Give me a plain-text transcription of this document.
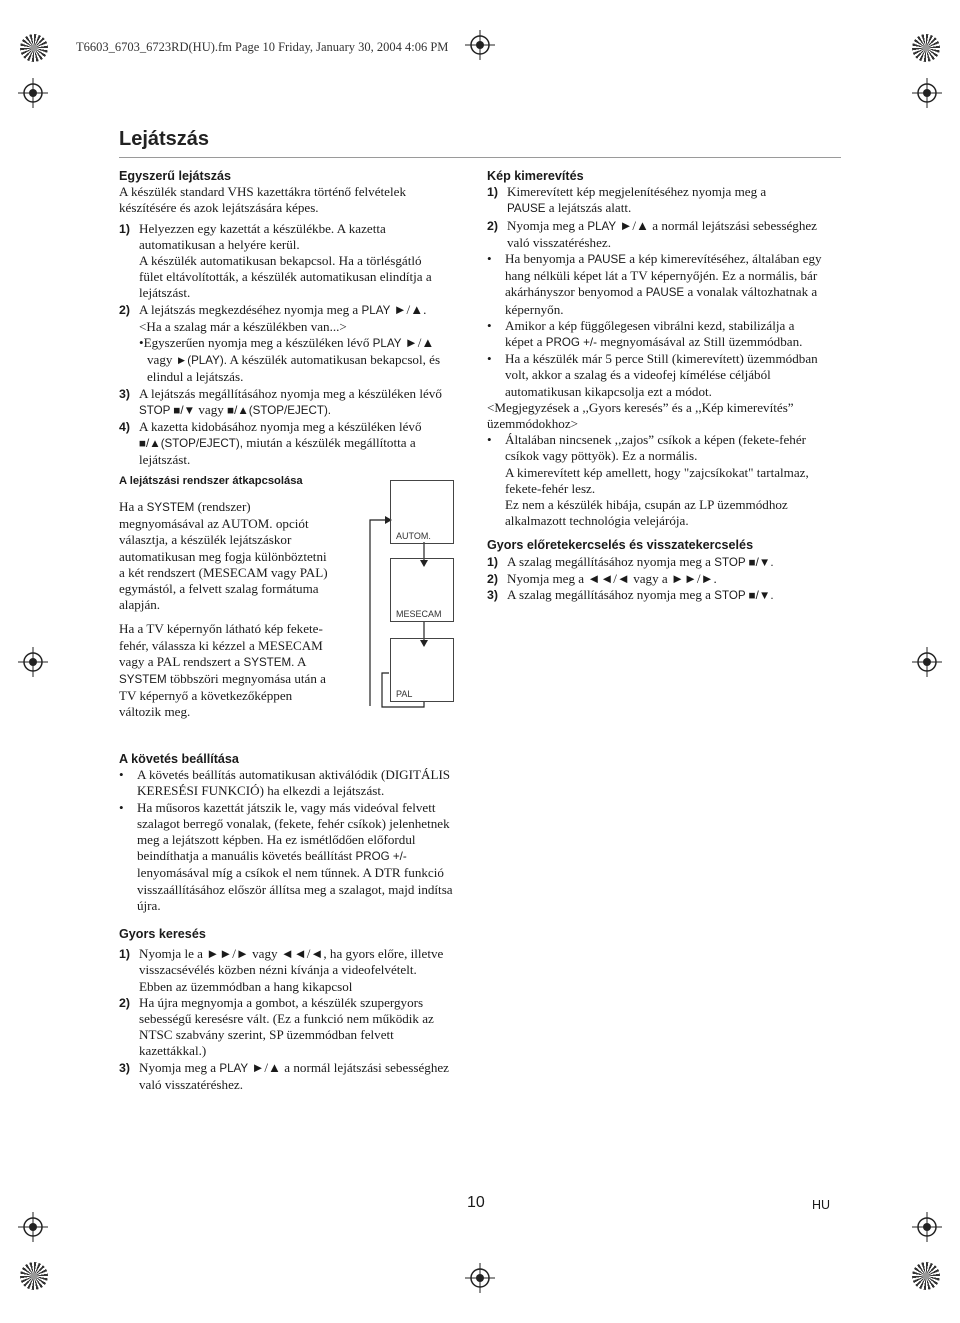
T6603_6703_6723RD(HU).fm Page 10 Friday, January 30, 2004 4:06 PM
Lejátszás

Egyszerű lejátszás

A készülék standard VHS kazettákra történő felvételek

készítésére és azok lejátszására képes.

1) Helyezzen egy kazettát a készülékbe. A kazetta

automatikusan a helyére kerül.

A készülék automatikusan bekapcsol. Ha a törlésgátló

fület eltávolították, a készülék automatikusan elindítja a

lejátszást.

2) A lejátszás megkezdéséhez nyomja meg a PLAY ►/▲.

<Ha a szalag már a készülékben van...>

•Egyszerűen nyomja meg a készüléken lévő PLAY ►/▲

vagy ►(PLAY). A készülék automatikusan bekapcsol, és

elindul a lejátszás.

3) A lejátszás megállításához nyomja meg a készüléken lévő

STOP ■/▼ vagy ■/▲(STOP/EJECT).

4) A kazetta kidobásához nyomja meg a készüléken lévő

■/▲(STOP/EJECT), miután a készülék megállította a

lejátszást.

A lejátszási rendszer átkapcsolása

Ha a SYSTEM (rendszer)

megnyomásával az AUTOM. opciót

választja, a készülék lejátszáskor

automatikusan meg fogja különböztetni

a két rendszert (MESECAM vagy PAL)

egymástól, a felvett szalag formátuma

alapján.

Ha a TV képernyőn látható kép fekete-

fehér, válassza ki kézzel a MESECAM

vagy a PAL rendszert a SYSTEM. A

SYSTEM többszöri megnyomása után a

TV képernyő a következőképpen

változik meg.

AUTOM.
MESECAM
PAL

Kép kimerevítés

1) Kimerevített kép megjelenítéséhez nyomja meg a

PAUSE a lejátszás alatt.

2) Nyomja meg a PLAY ►/▲ a normál lejátszási sebességhez

való visszatéréshez.

•	Ha benyomja a PAUSE a kép kimerevítéséhez, általában egy

hang nélküli képet lát a TV képernyőjén. Ez a normális, bár

akárhányszor benyomod a PAUSE a vonalak változhatnak a

képernyőn.

•	Amikor a kép függőlegesen vibrálni kezd, stabilizálja a

képet a PROG +/- megnyomásával az Still üzemmódban.

•	Ha a készülék már 5 perce Still (kimerevített) üzemmódban

volt, akkor a szalag és a videofej kímélése céljából

automatikusan kikapcsolja ezt a módot.

<Megjegyzések a ,,Gyors keresés” és a ,,Kép kimerevítés”

üzemmódokhoz>

•	Általában nincsenek ,,zajos” csíkok a képen (fekete-fehér

csíkok vagy pöttyök). Ez a normális.

A kimerevített kép amellett, hogy "zajcsíkokat" tartalmaz,

fekete-fehér lesz.

Ez nem a készülék hibája, csupán az LP üzemmódhoz

alkalmazott technológia velejárója.

Gyors előretekercselés és visszatekercselés

1) A szalag megállításához nyomja meg a STOP ■/▼.

2) Nyomja meg a ◄◄/◄ vagy a ►►/►.

3) A szalag megállításához nyomja meg a STOP ■/▼.

A követés beállítása

•	A követés beállítás automatikusan aktiválódik (DIGITÁLIS

KERESÉSI FUNKCIÓ) ha elkezdi a lejátszást.

•	Ha műsoros kazettát játszik le, vagy más videóval felvett

szalagot berregő vonalak, (fekete, fehér csíkok) jelenhetnek

meg a lejátszott képben. Ha ez ismétlődően előfordul

beindíthatja a manuális követés beállítást PROG +/-

lenyomásával míg a csíkok el nem tűnnek. A DTR funkció

visszaállításához először állítsa meg a szalagot, majd indítsa

újra.

Gyors keresés

1) Nyomja le a ►►/► vagy ◄◄/◄, ha gyors előre, illetve

visszacsévélés közben nézni kívánja a videofelvételt.

Ebben az üzemmódban a hang kikapcsol

2) Ha újra megnyomja a gombot, a készülék szupergyors

sebességű keresésre vált. (Ez a funkció nem működik az

NTSC szabvány szerint, SP üzemmódban felvett

kazettákkal.)

3) Nyomja meg a PLAY ►/▲ a normál lejátszási sebességhez

való visszatéréshez.

10	HU
